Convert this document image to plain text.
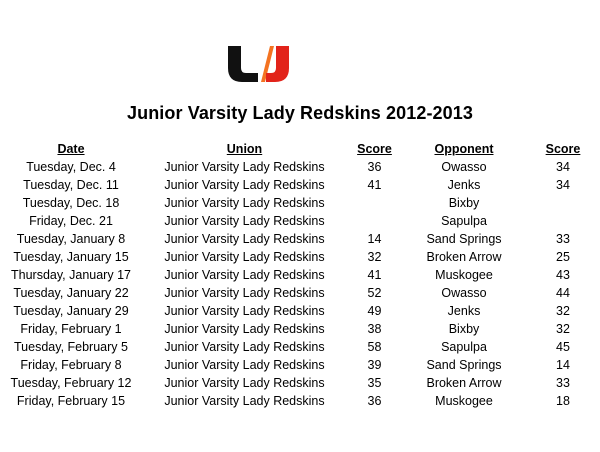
Junior Varsity Lady Redskins 2012-2013
Date	Union	Score	Opponent	Score
Tuesday, Dec. 4	Junior Varsity Lady Redskins	36	Owasso	34
Tuesday, Dec. 11	Junior Varsity Lady Redskins	41	Jenks	34
Tuesday, Dec. 18	Junior Varsity Lady Redskins		Bixby	
Friday, Dec. 21	Junior Varsity Lady Redskins		Sapulpa	
Tuesday, January 8	Junior Varsity Lady Redskins	14	Sand Springs	33
Tuesday, January 15	Junior Varsity Lady Redskins	32	Broken Arrow	25
Thursday, January 17	Junior Varsity Lady Redskins	41	Muskogee	43
Tuesday, January 22	Junior Varsity Lady Redskins	52	Owasso	44
Tuesday, January 29	Junior Varsity Lady Redskins	49	Jenks	32
Friday, February 1	Junior Varsity Lady Redskins	38	Bixby	32
Tuesday, February 5	Junior Varsity Lady Redskins	58	Sapulpa	45
Friday, February 8	Junior Varsity Lady Redskins	39	Sand Springs	14
Tuesday, February 12	Junior Varsity Lady Redskins	35	Broken Arrow	33
Friday, February 15	Junior Varsity Lady Redskins	36	Muskogee	18
